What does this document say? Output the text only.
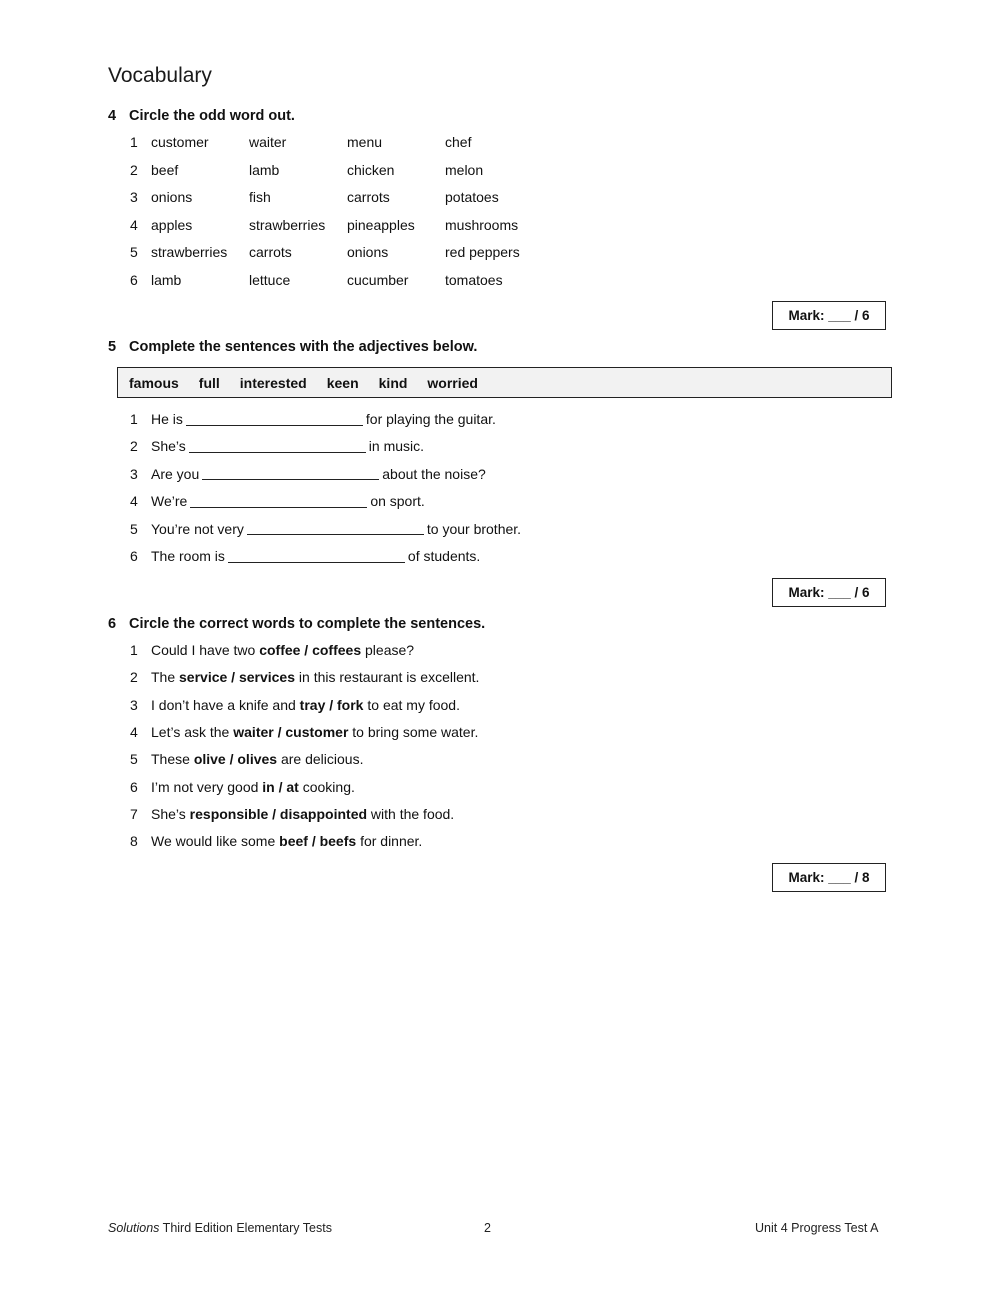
Vocabulary
4 Circle the odd word out.
1 customer	waiter	menu	chef
2 beef	lamb	chicken	melon
3 onions	fish	carrots	potatoes
4 apples	strawberries	pineapples	mushrooms
5 strawberries	carrots	onions	red peppers
6 lamb	lettuce	cucumber	tomatoes
Mark: ___ / 6
5 Complete the sentences with the adjectives below.
famous full interested keen kind worried
1 He is	for playing the guitar.
2 She’s	in music.
3 Are you	about the noise?
4 We’re	on sport.
5 You’re not very	to your brother.
6 The room is	of students.
Mark: ___ / 6
6 Circle the correct words to complete the sentences.
1 Could I have two
coffee / coffees
please?
2 The
service / services
in this restaurant is excellent.
3 I don’t have a knife and
tray / fork
to eat my food.
4 Let’s ask the
waiter / customer
to bring some water.
5 These
olive / olives
are delicious.
6 I’m not very good
in / at
cooking.
7 She’s
responsible / disappointed
with the food.
8 We would like some
beef / beefs
for dinner.
Mark: ___ / 8
Solutions Third Edition Elementary Tests	2	Unit 4 Progress Test A
